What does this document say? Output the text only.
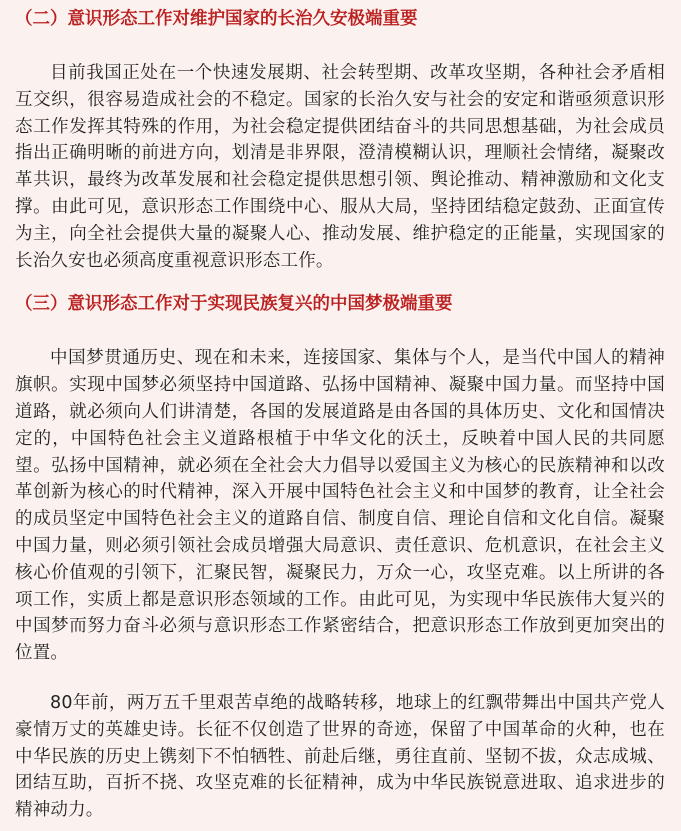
（二）意识形态工作对维护国家的长治久安极端重要

目前我国正处在一个快速发展期、社会转型期、改革攻坚期，各种社会矛盾相互交织，很容易造成社会的不稳定。国家的长治久安与社会的安定和谐亟须意识形态工作发挥其特殊的作用，为社会稳定提供团结奋斗的共同思想基础，为社会成员指出正确明晰的前进方向，划清是非界限，澄清模糊认识，理顺社会情绪，凝聚改革共识，最终为改革发展和社会稳定提供思想引领、舆论推动、精神激励和文化支撑。由此可见，意识形态工作围绕中心、服从大局，坚持团结稳定鼓劲、正面宣传为主，向全社会提供大量的凝聚人心、推动发展、维护稳定的正能量，实现国家的长治久安也必须高度重视意识形态工作。

（三）意识形态工作对于实现民族复兴的中国梦极端重要

中国梦贯通历史、现在和未来，连接国家、集体与个人，是当代中国人的精神旗帜。实现中国梦必须坚持中国道路、弘扬中国精神、凝聚中国力量。而坚持中国道路，就必须向人们讲清楚，各国的发展道路是由各国的具体历史、文化和国情决定的，中国特色社会主义道路根植于中华文化的沃土，反映着中国人民的共同愿望。弘扬中国精神，就必须在全社会大力倡导以爱国主义为核心的民族精神和以改革创新为核心的时代精神，深入开展中国特色社会主义和中国梦的教育，让全社会的成员坚定中国特色社会主义的道路自信、制度自信、理论自信和文化自信。凝聚中国力量，则必须引领社会成员增强大局意识、责任意识、危机意识，在社会主义核心价值观的引领下，汇聚民智，凝聚民力，万众一心，攻坚克难。以上所讲的各项工作，实质上都是意识形态领域的工作。由此可见，为实现中华民族伟大复兴的中国梦而努力奋斗必须与意识形态工作紧密结合，把意识形态工作放到更加突出的位置。

80年前，两万五千里艰苦卓绝的战略转移，地球上的红飘带舞出中国共产党人豪情万丈的英雄史诗。长征不仅创造了世界的奇迹，保留了中国革命的火种，也在中华民族的历史上镌刻下不怕牺牲、前赴后继，勇往直前、坚韧不拔，众志成城、团结互助，百折不挠、攻坚克难的长征精神，成为中华民族锐意进取、追求进步的精神动力。
